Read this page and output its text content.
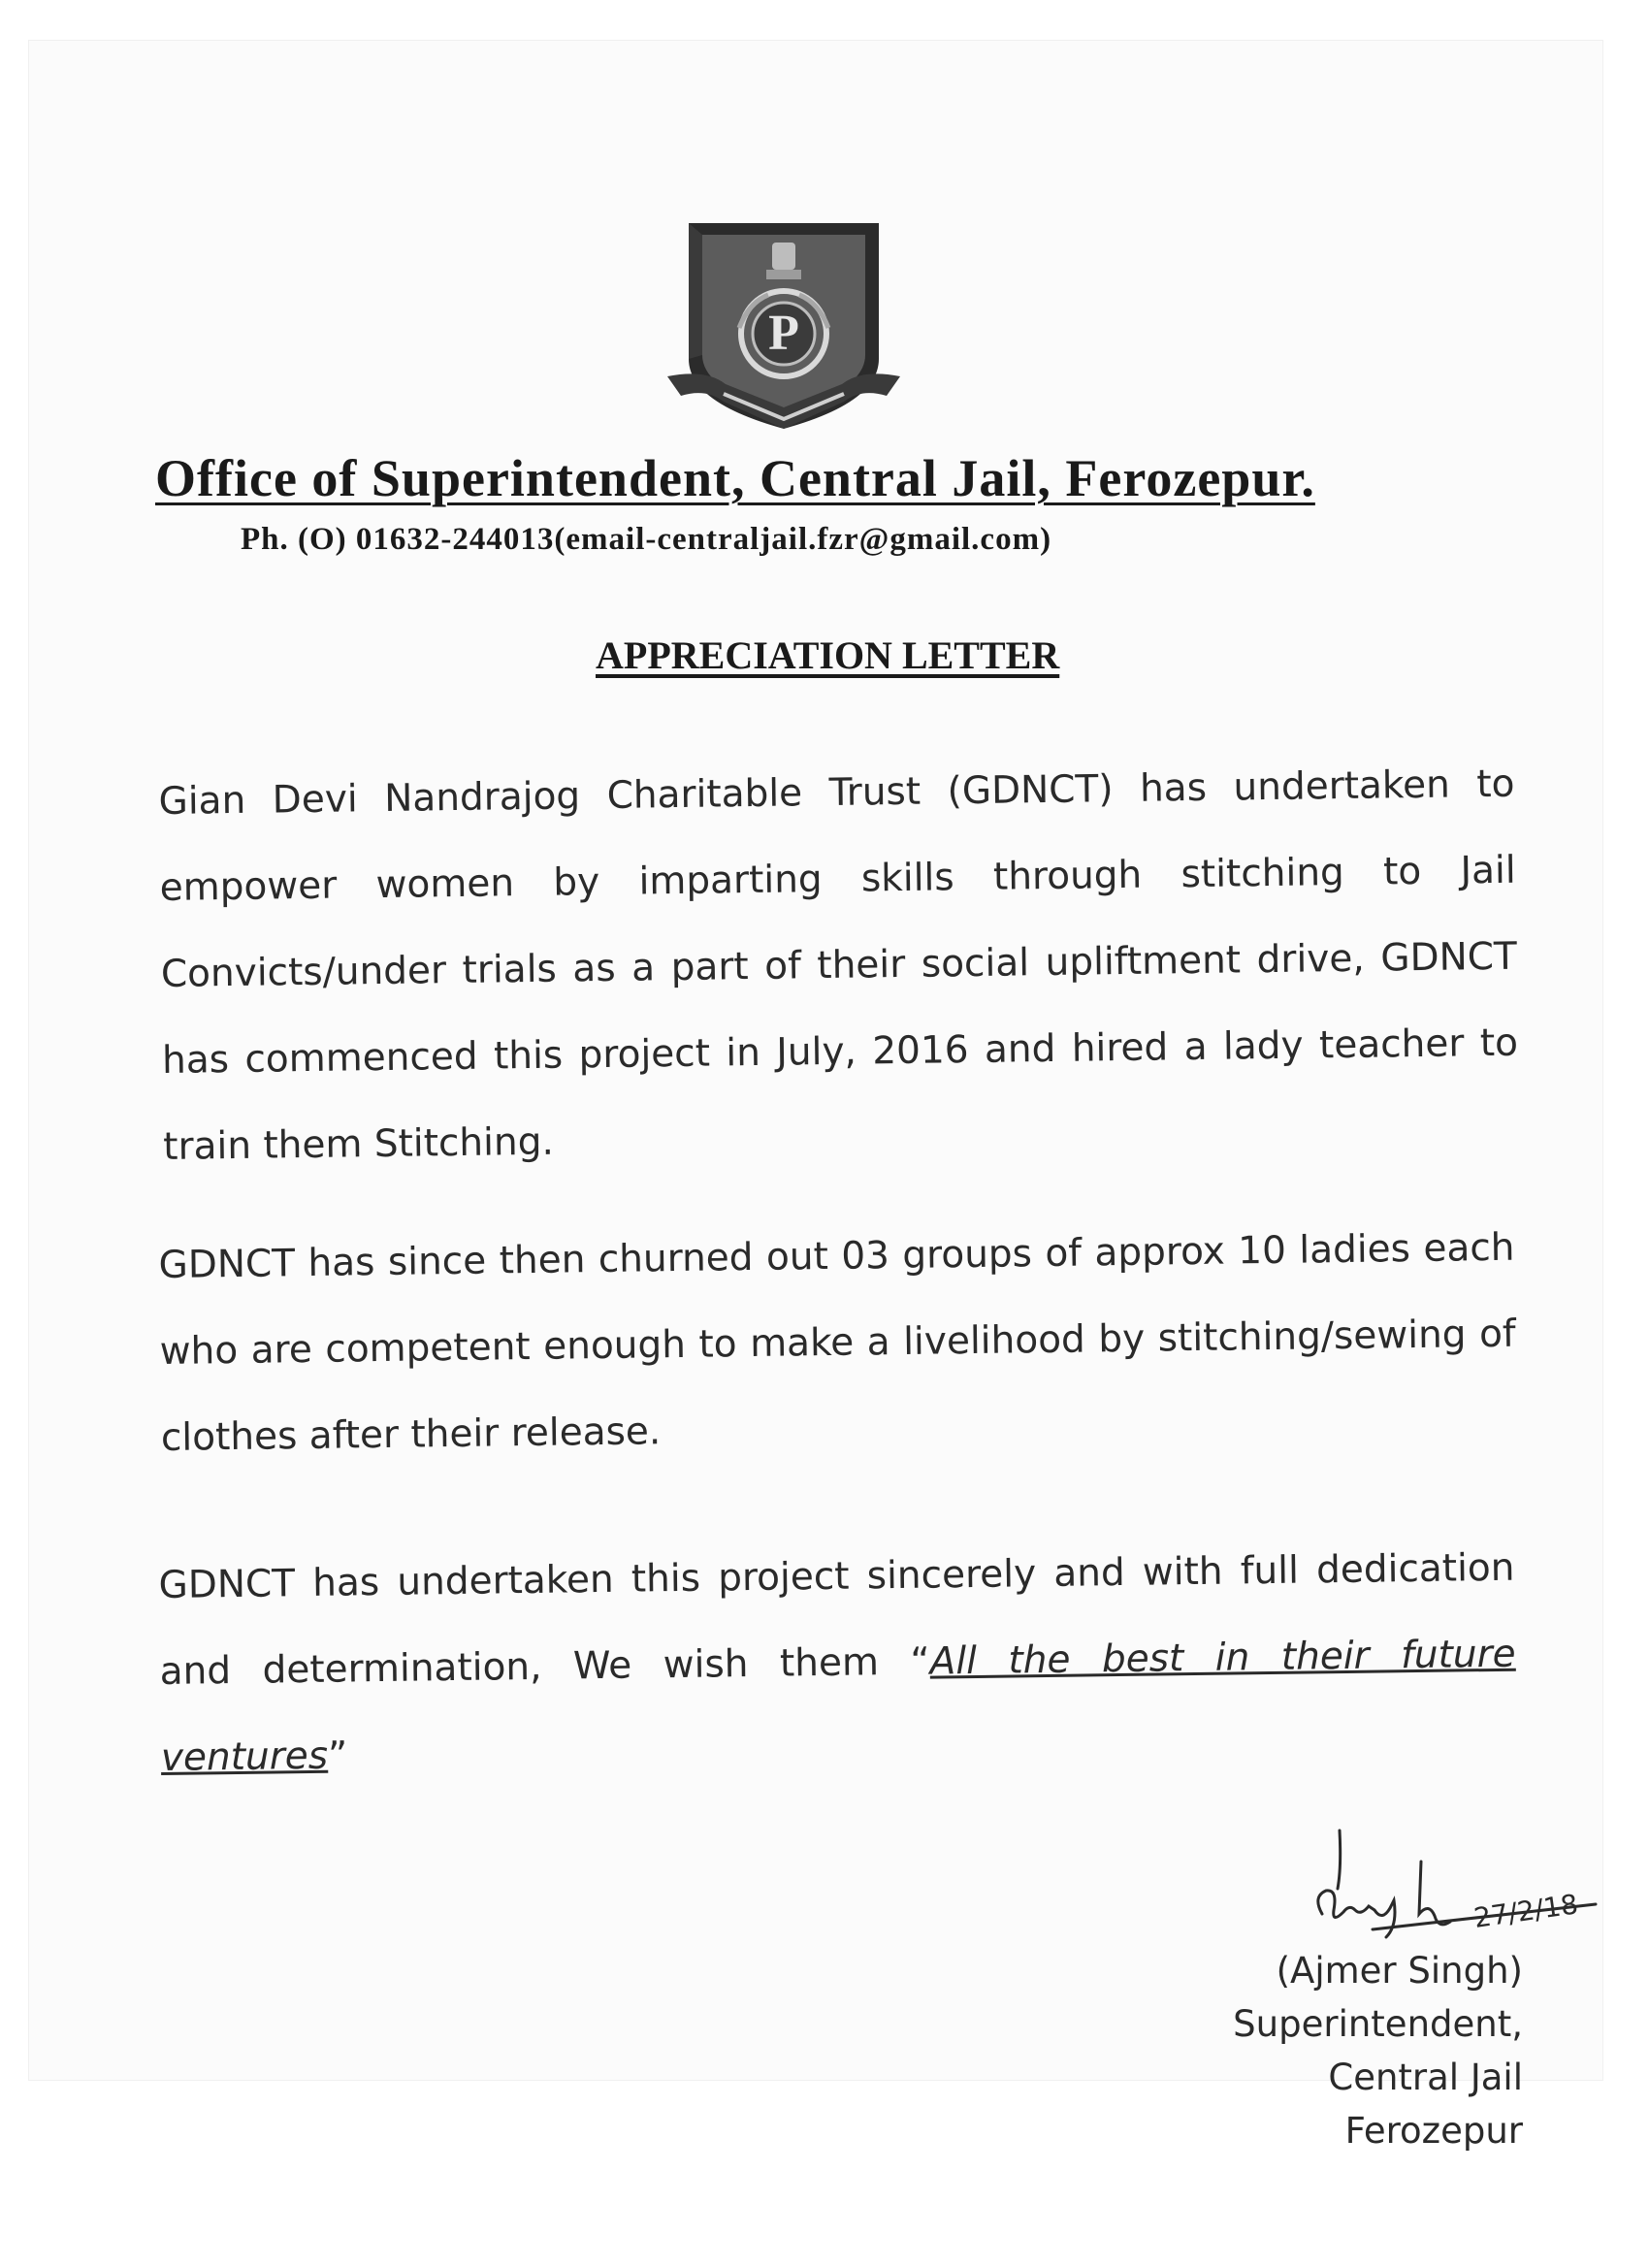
P
Office of Superintendent, Central Jail, Ferozepur.
Ph. (O) 01632-244013(email-centraljail.fzr@gmail.com)
APPRECIATION LETTER

Gian Devi Nandrajog Charitable Trust (GDNCT) has undertaken to empower women by imparting skills through stitching to Jail Convicts/under trials as a part of their social upliftment drive, GDNCT has commenced this project in July, 2016 and hired a lady teacher to train them Stitching.

GDNCT has since then churned out 03 groups of approx 10 ladies each who are competent enough to make a livelihood by stitching/sewing of clothes after their release.

GDNCT has undertaken this project sincerely and with full dedication and determination, We wish them “All the best in their future ventures”

27/2/18
(Ajmer Singh)
Superintendent,
Central Jail Ferozepur
